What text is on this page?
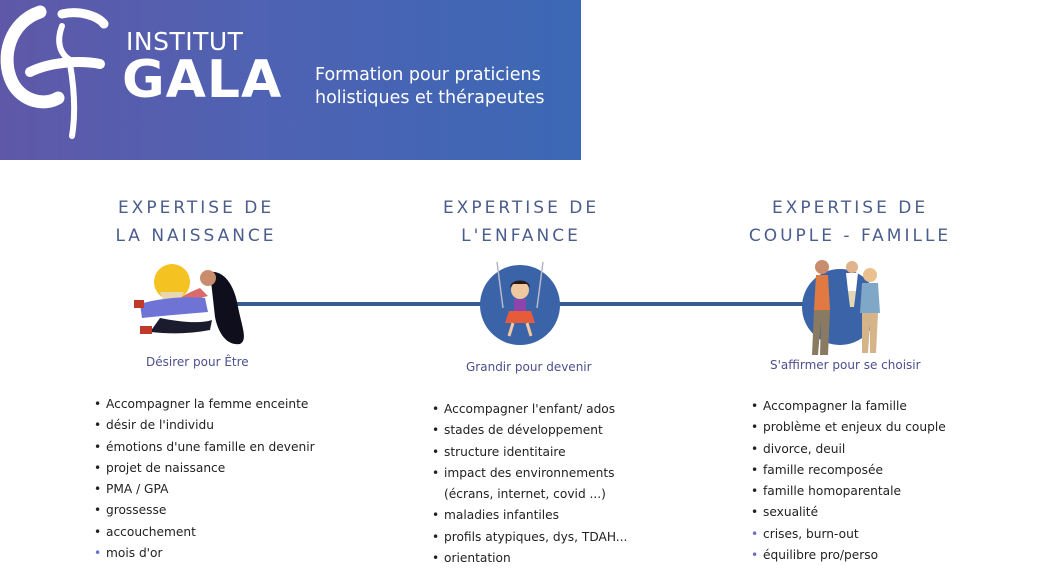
INSTITUT
GALA Formation pour praticiens
holistiques et thérapeutes
EXPERTISE DE
LA NAISSANCE
EXPERTISE DE
L'ENFANCE
EXPERTISE DE
COUPLE - FAMILLE
Désirer pour Être	Grandir pour devenir	S'affirmer pour se choisir
• Accompagner la femme enceinte
• désir de l'individu
• émotions d'une famille en devenir
• projet de naissance
• PMA / GPA
• grossesse
• accouchement
• mois d'or
• Accompagner l'enfant/ ados
• stades de développement
• structure identitaire
• impact des environnements
(écrans, internet, covid ...)
• maladies infantiles
• profils atypiques, dys, TDAH...
• orientation
• Accompagner la famille
• problème et enjeux du couple
• divorce, deuil
• famille recomposée
• famille homoparentale
• sexualité
• crises, burn-out
• équilibre pro/perso
